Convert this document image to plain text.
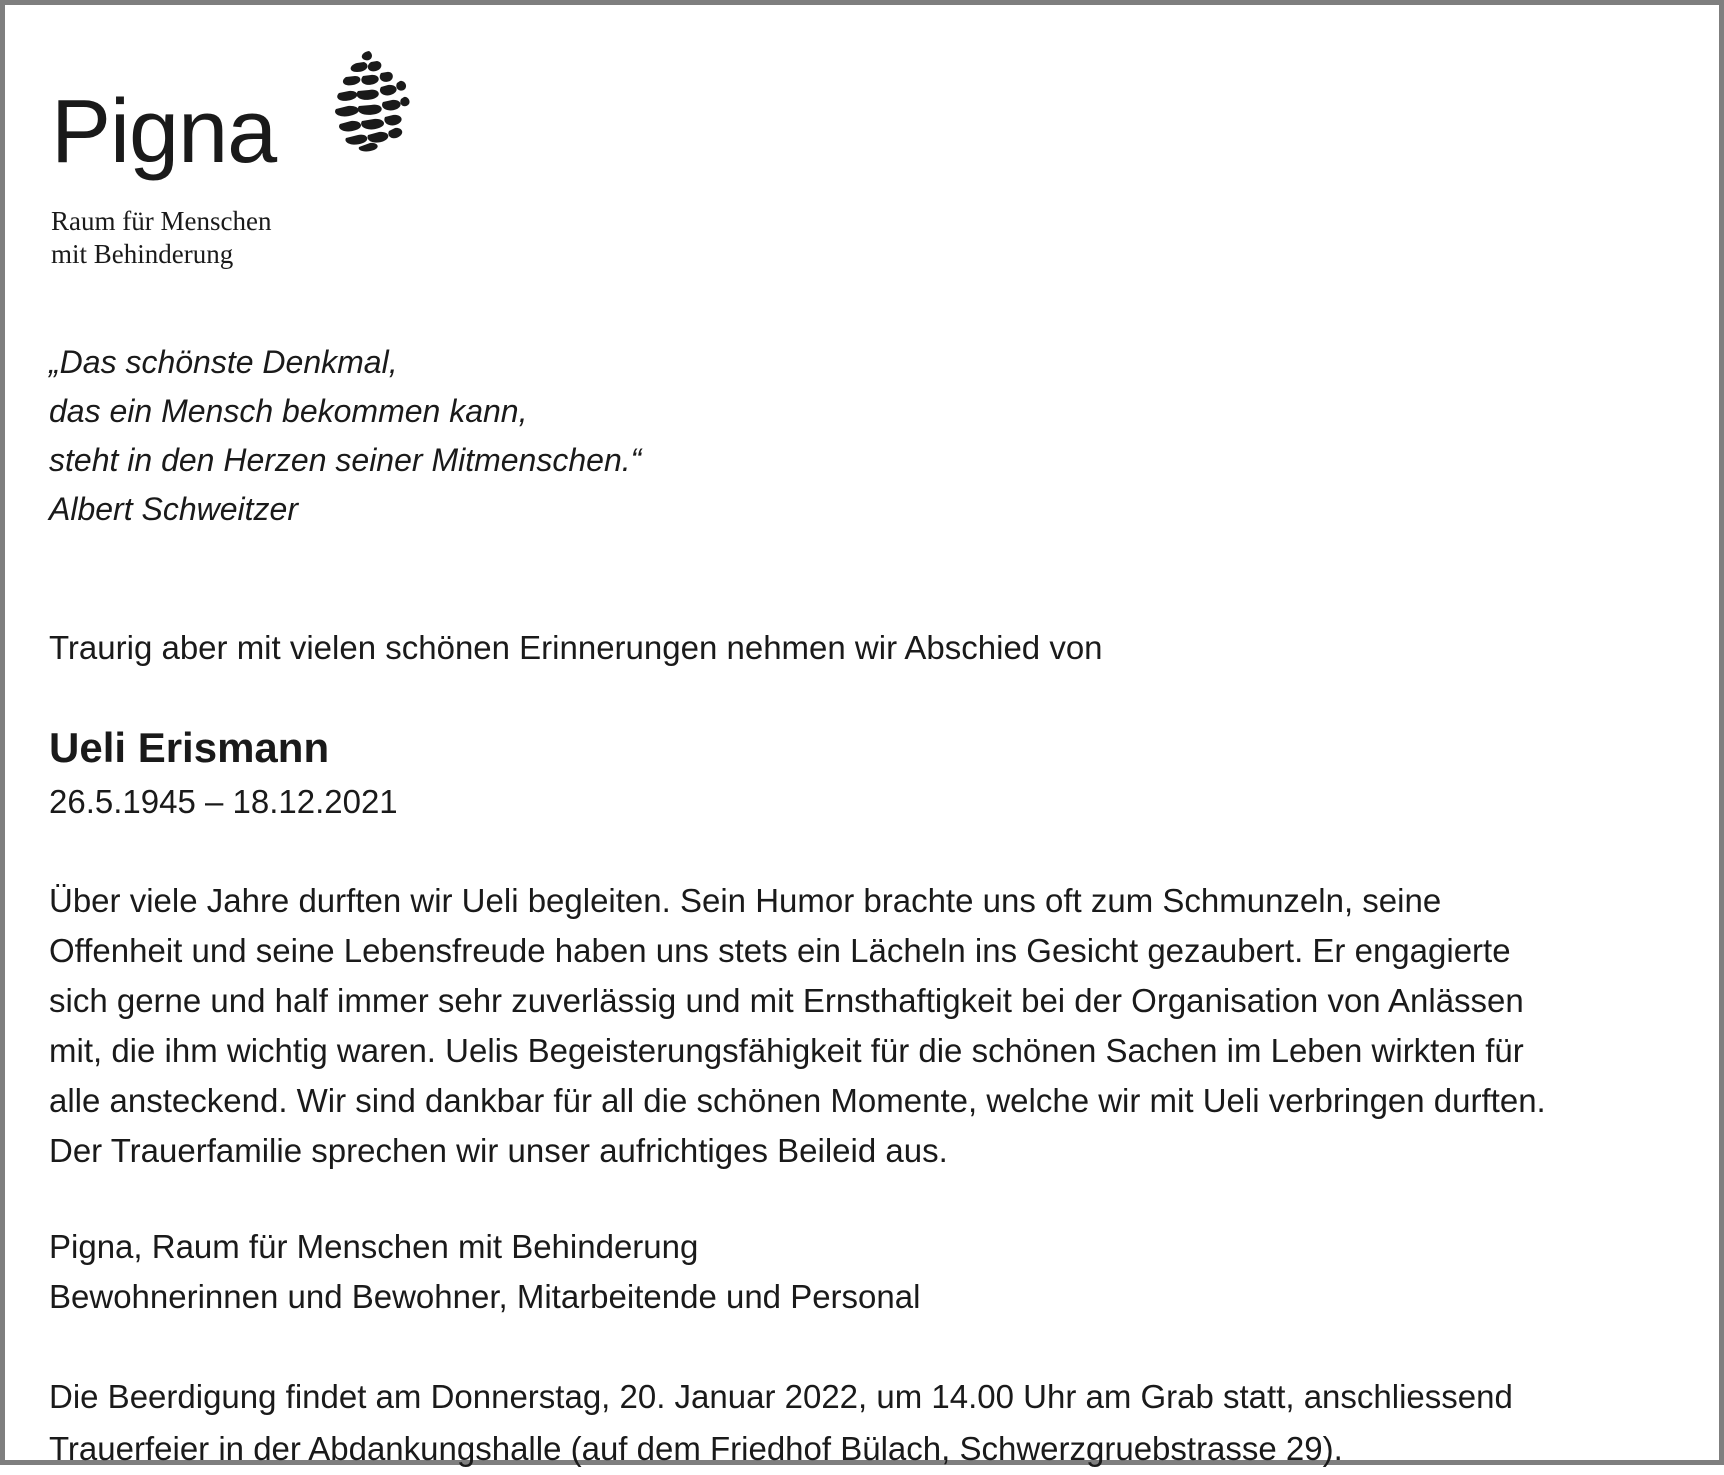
Pigna
Raum für Menschen
mit Behinderung
„Das schönste Denkmal,
das ein Mensch bekommen kann,
steht in den Herzen seiner Mitmenschen.“
Albert Schweitzer
Traurig aber mit vielen schönen Erinnerungen nehmen wir Abschied von
Ueli Erismann
26.5.1945 – 18.12.2021
Über viele Jahre durften wir Ueli begleiten. Sein Humor brachte uns oft zum Schmunzeln, seine
Offenheit und seine Lebensfreude haben uns stets ein Lächeln ins Gesicht gezaubert. Er engagierte
sich gerne und half immer sehr zuverlässig und mit Ernsthaftigkeit bei der Organisation von Anlässen
mit, die ihm wichtig waren. Uelis Begeisterungsfähigkeit für die schönen Sachen im Leben wirkten für
alle ansteckend. Wir sind dankbar für all die schönen Momente, welche wir mit Ueli verbringen durften.
Der Trauerfamilie sprechen wir unser aufrichtiges Beileid aus.
Pigna, Raum für Menschen mit Behinderung
Bewohnerinnen und Bewohner, Mitarbeitende und Personal
Die Beerdigung findet am Donnerstag, 20. Januar 2022, um 14.00 Uhr am Grab statt, anschliessend
Trauerfeier in der Abdankungshalle (auf dem Friedhof Bülach, Schwerzgruebstrasse 29).
